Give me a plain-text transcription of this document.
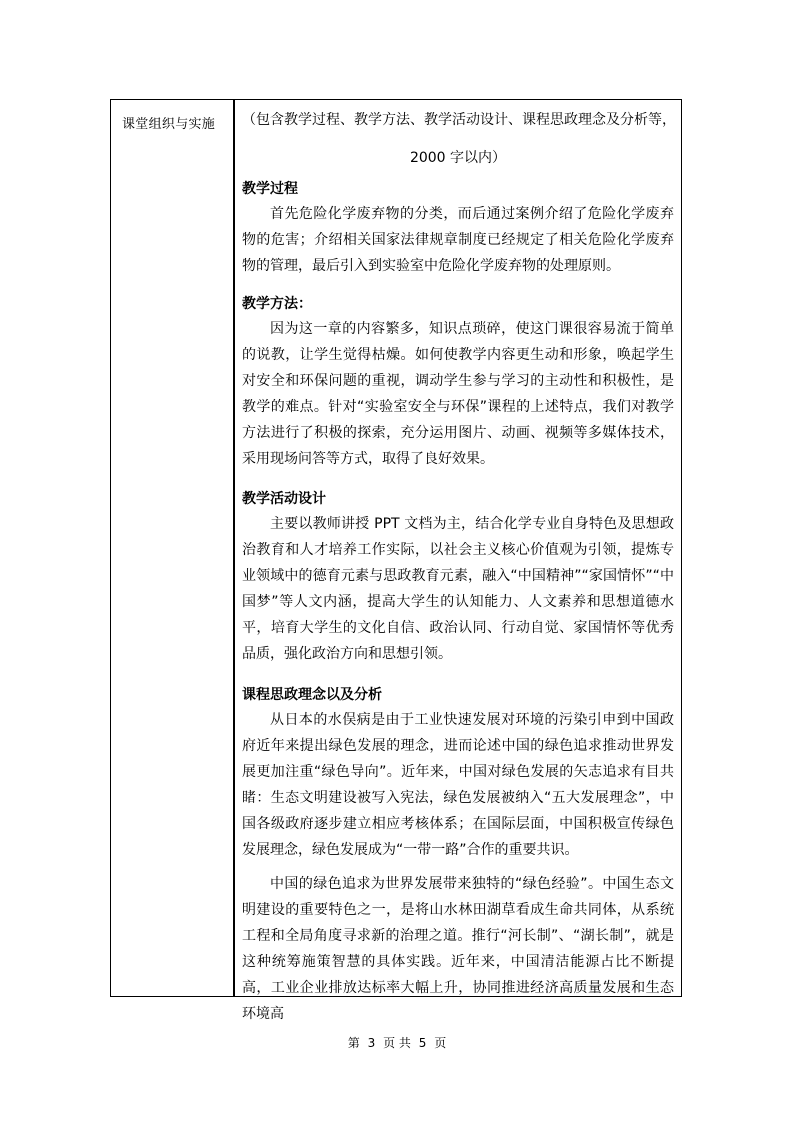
课堂组织与实施 （包含教学过程、教学方法、教学活动设计、课程思政理念及分析等，
2000 字以内）
教学过程

首先危险化学废弃物的分类，而后通过案例介绍了危险化学废弃物的危害；介绍相关国家法律规章制度已经规定了相关危险化学废弃物的管理，最后引入到实验室中危险化学废弃物的处理原则。

教学方法：

因为这一章的内容繁多，知识点琐碎，使这门课很容易流于简单的说教，让学生觉得枯燥。如何使教学内容更生动和形象，唤起学生对安全和环保问题的重视，调动学生参与学习的主动性和积极性，是教学的难点。针对“实验室安全与环保”课程的上述特点，我们对教学方法进行了积极的探索，充分运用图片、动画、视频等多媒体技术，采用现场问答等方式，取得了良好效果。

教学活动设计

主要以教师讲授 PPT 文档为主，结合化学专业自身特色及思想政治教育和人才培养工作实际，以社会主义核心价值观为引领，提炼专业领域中的德育元素与思政教育元素，融入“中国精神”“家国情怀”“中国梦”等人文内涵，提高大学生的认知能力、人文素养和思想道德水平，培育大学生的文化自信、政治认同、行动自觉、家国情怀等优秀品质，强化政治方向和思想引领。

课程思政理念以及分析

从日本的水俣病是由于工业快速发展对环境的污染引申到中国政府近年来提出绿色发展的理念，进而论述中国的绿色追求推动世界发展更加注重“绿色导向”。近年来，中国对绿色发展的矢志追求有目共睹：生态文明建设被写入宪法，绿色发展被纳入“五大发展理念”，中国各级政府逐步建立相应考核体系；在国际层面，中国积极宣传绿色发展理念，绿色发展成为“一带一路”合作的重要共识。

中国的绿色追求为世界发展带来独特的“绿色经验”。中国生态文明建设的重要特色之一，是将山水林田湖草看成生命共同体，从系统工程和全局角度寻求新的治理之道。推行“河长制”、“湖长制”，就是这种统筹施策智慧的具体实践。近年来，中国清洁能源占比不断提高，工业企业排放达标率大幅上升，协同推进经济高质量发展和生态环境高

第 3 页 共 5 页
